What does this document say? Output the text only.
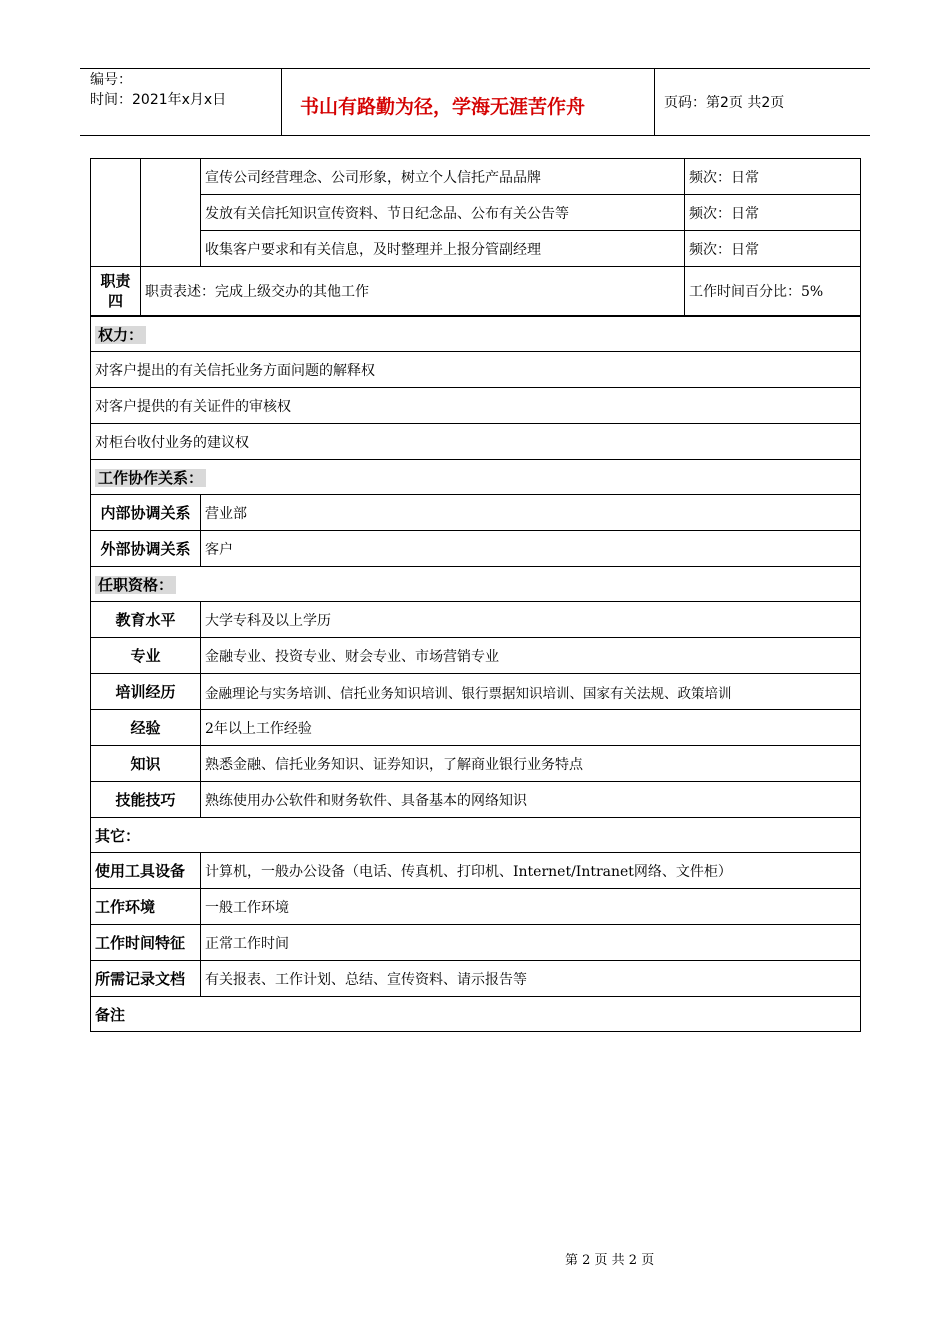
编号：
时间：2021年x月x日	书山有路勤为径，学海无涯苦作舟	页码：第2页 共2页
		宣传公司经营理念、公司形象，树立个人信托产品品牌	频次：日常
		发放有关信托知识宣传资料、节日纪念品、公布有关公告等	频次：日常
		收集客户要求和有关信息，及时整理并上报分管副经理	频次：日常

职责
四	职责表述：完成上级交办的其他工作		工作时间百分比：5%
权力：	
对客户提出的有关信托业务方面问题的解释权	
对客户提供的有关证件的审核权	
对柜台收付业务的建议权	
工作协作关系：	
内部协调关系	营业部
外部协调关系	客户
任职资格：	
教育水平	大学专科及以上学历
专业	金融专业、投资专业、财会专业、市场营销专业
培训经历	金融理论与实务培训、信托业务知识培训、银行票据知识培训、国家有关法规、政策培训
经验	2年以上工作经验
知识	熟悉金融、信托业务知识、证券知识，了解商业银行业务特点
技能技巧	熟练使用办公软件和财务软件、具备基本的网络知识
其它：	
使用工具设备	计算机，一般办公设备（电话、传真机、打印机、Internet/Intranet网络、文件柜）
工作环境	一般工作环境
工作时间特征	正常工作时间
所需记录文档	有关报表、工作计划、总结、宣传资料、请示报告等
备注	
第 2 页 共 2 页
